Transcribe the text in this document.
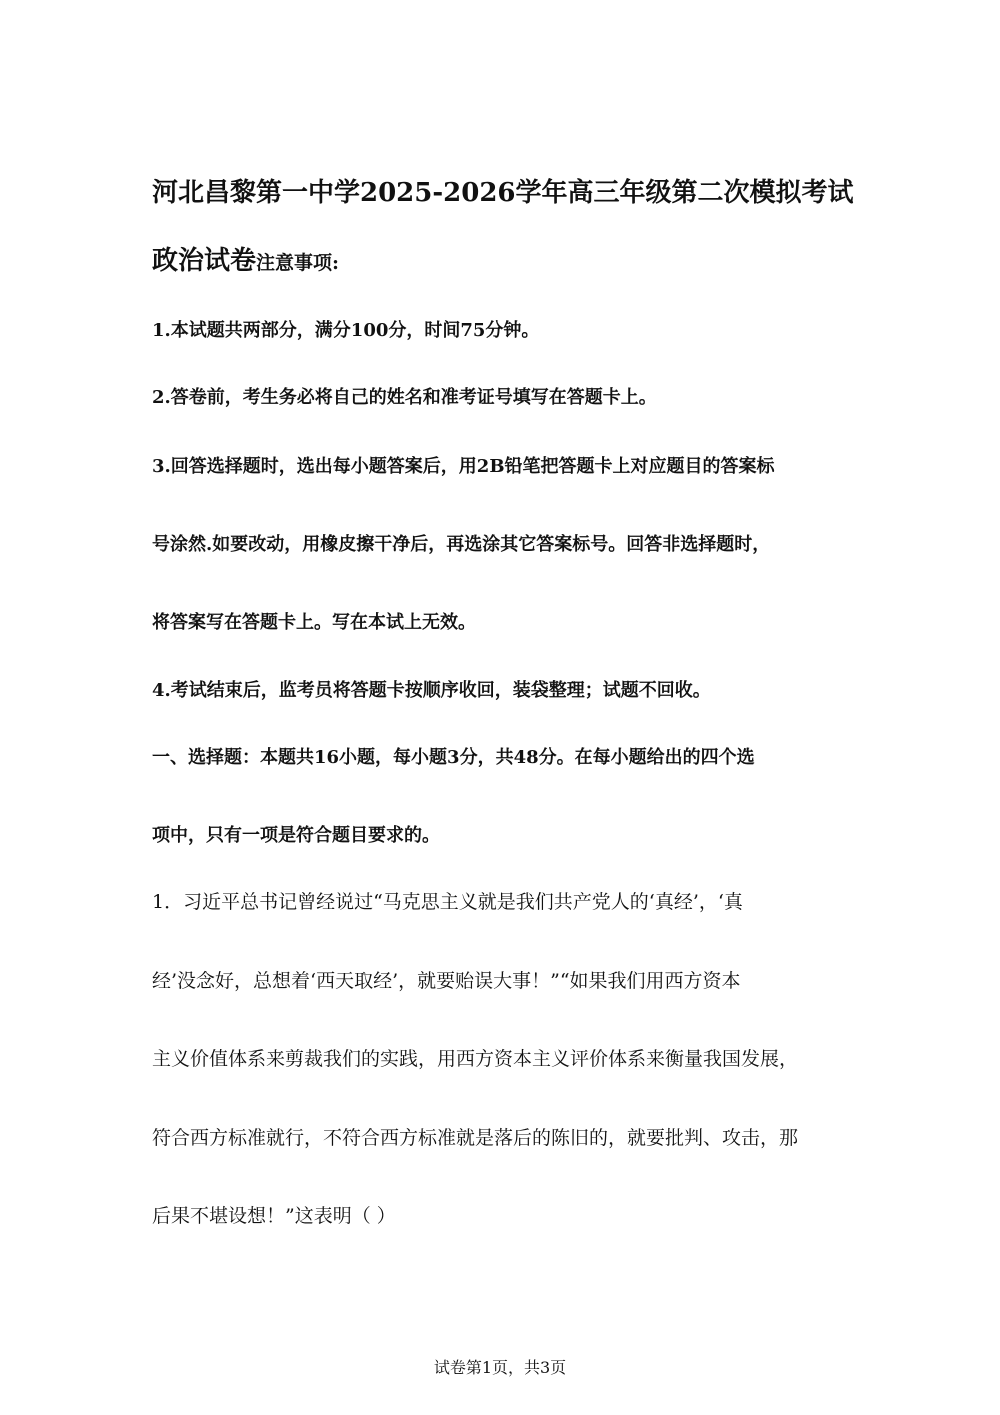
河北昌黎第一中学2025-2026学年高三年级第二次模拟考试
政治试卷注意事项:
1.本试题共两部分，满分100分，时间75分钟。
2.答卷前，考生务必将自己的姓名和准考证号填写在答题卡上。
3.回答选择题时，选出每小题答案后，用2B铅笔把答题卡上对应题目的答案标
号涂然.如要改动，用橡皮擦干净后，再选涂其它答案标号。回答非选择题时，
将答案写在答题卡上。写在本试上无效。
4.考试结束后，监考员将答题卡按顺序收回，装袋整理；试题不回收。
一、选择题：本题共16小题，每小题3分，共48分。在每小题给出的四个选
项中，只有一项是符合题目要求的。
1．习近平总书记曾经说过“马克思主义就是我们共产党人的‘真经’，‘真
经’没念好，总想着‘西天取经’，就要贻误大事！”“如果我们用西方资本
主义价值体系来剪裁我们的实践，用西方资本主义评价体系来衡量我国发展，
符合西方标准就行，不符合西方标准就是落后的陈旧的，就要批判、攻击，那
后果不堪设想！”这表明（ ）
试卷第1页，共3页
